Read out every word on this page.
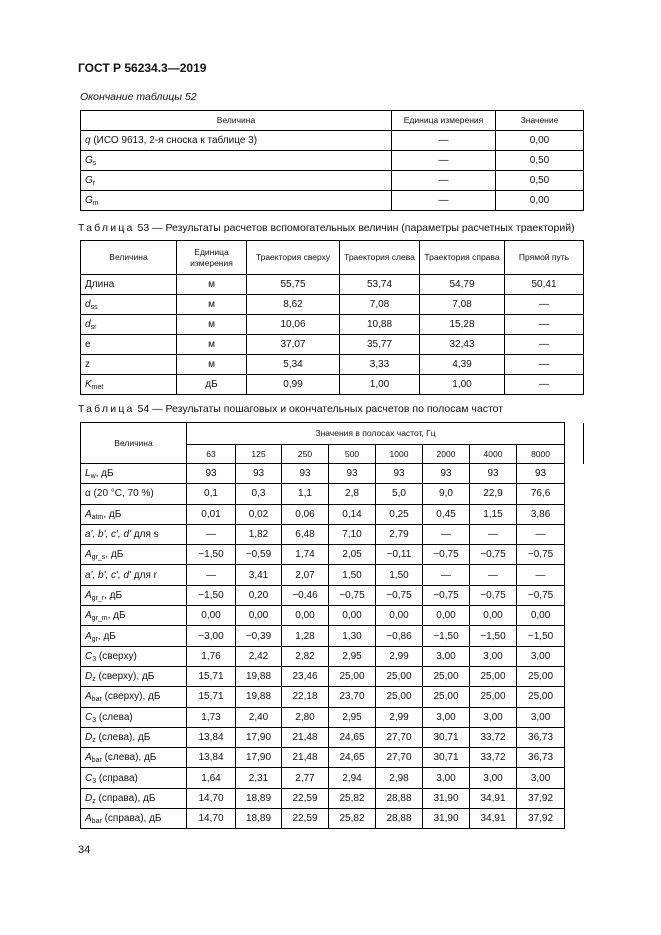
ГОСТ Р 56234.3—2019
Окончание таблицы 52
Величина	Единица измерения	Значение
q (ИСО 9613, 2-я сноска к таблице 3)	—	0,00
$G_s$	—	0,50
$G_r$	—	0,50
$G_m$	—	0,00
Таблица 53 — Результаты расчетов вспомогательных величин (параметры расчетных траекторий)
Величина	Единица измерения	Траектория сверху	Траектория слева	Траектория справа	Прямой путь
Длина	м	55,75	53,74	54,79	50,41
$d_{ss}$	м	8,62	7,08	7,08	—
$d_{sr}$	м	10,06	10,88	15,28	—
e	м	37,07	35,77	32,43	—
z	м	5,34	3,33	4,39	—
$K_{met}$	дБ	0,99	1,00	1,00	—
Таблица 54 — Результаты пошаговых и окончательных расчетов по полосам частот
Величина	Значения в полосах частот, Гц								
	63	125	250	500	1000	2000	4000	8000	
$L_w$, дБ	93	93	93	93	93	93	93	93	
α (20 °С, 70 %)	0,1	0,3	1,1	2,8	5,0	9,0	22,9	76,6	
$A_{atm}$, дБ	0,01	0,02	0,06	0,14	0,25	0,45	1,15	3,86	
a', b', c', d' для s	—	1,82	6,48	7,10	2,79	—	—	—	
$A_{gr\_s}$, дБ	−1,50	−0,59	1,74	2,05	−0,11	−0,75	−0,75	−0,75	
a', b', c', d' для r	—	3,41	2,07	1,50	1,50	—	—	—	
$A_{gr\_r}$, дБ	−1,50	0,20	−0,46	−0,75	−0,75	−0,75	−0,75	−0,75	
$A_{gr\_m}$, дБ	0,00	0,00	0,00	0,00	0,00	0,00	0,00	0,00	
$A_{gr}$, дБ	−3,00	−0,39	1,28	1,30	−0,86	−1,50	−1,50	−1,50	
$C_3$ (сверху)	1,76	2,42	2,82	2,95	2,99	3,00	3,00	3,00	
$D_z$ (сверху), дБ	15,71	19,88	23,46	25,00	25,00	25,00	25,00	25,00	
$A_{bar}$ (сверху), дБ	15,71	19,88	22,18	23,70	25,00	25,00	25,00	25,00	
$C_3$ (слева)	1,73	2,40	2,80	2,95	2,99	3,00	3,00	3,00	
$D_z$ (слева), дБ	13,84	17,90	21,48	24,65	27,70	30,71	33,72	36,73	
$A_{bar}$ (слева), дБ	13,84	17,90	21,48	24,65	27,70	30,71	33,72	36,73	
$C_3$ (справа)	1,64	2,31	2,77	2,94	2,98	3,00	3,00	3,00	
$D_z$ (справа), дБ	14,70	18,89	22,59	25,82	28,88	31,90	34,91	37,92	
$A_{bar}$ (справа), дБ	14,70	18,89	22,59	25,82	28,88	31,90	34,91	37,92	
34
